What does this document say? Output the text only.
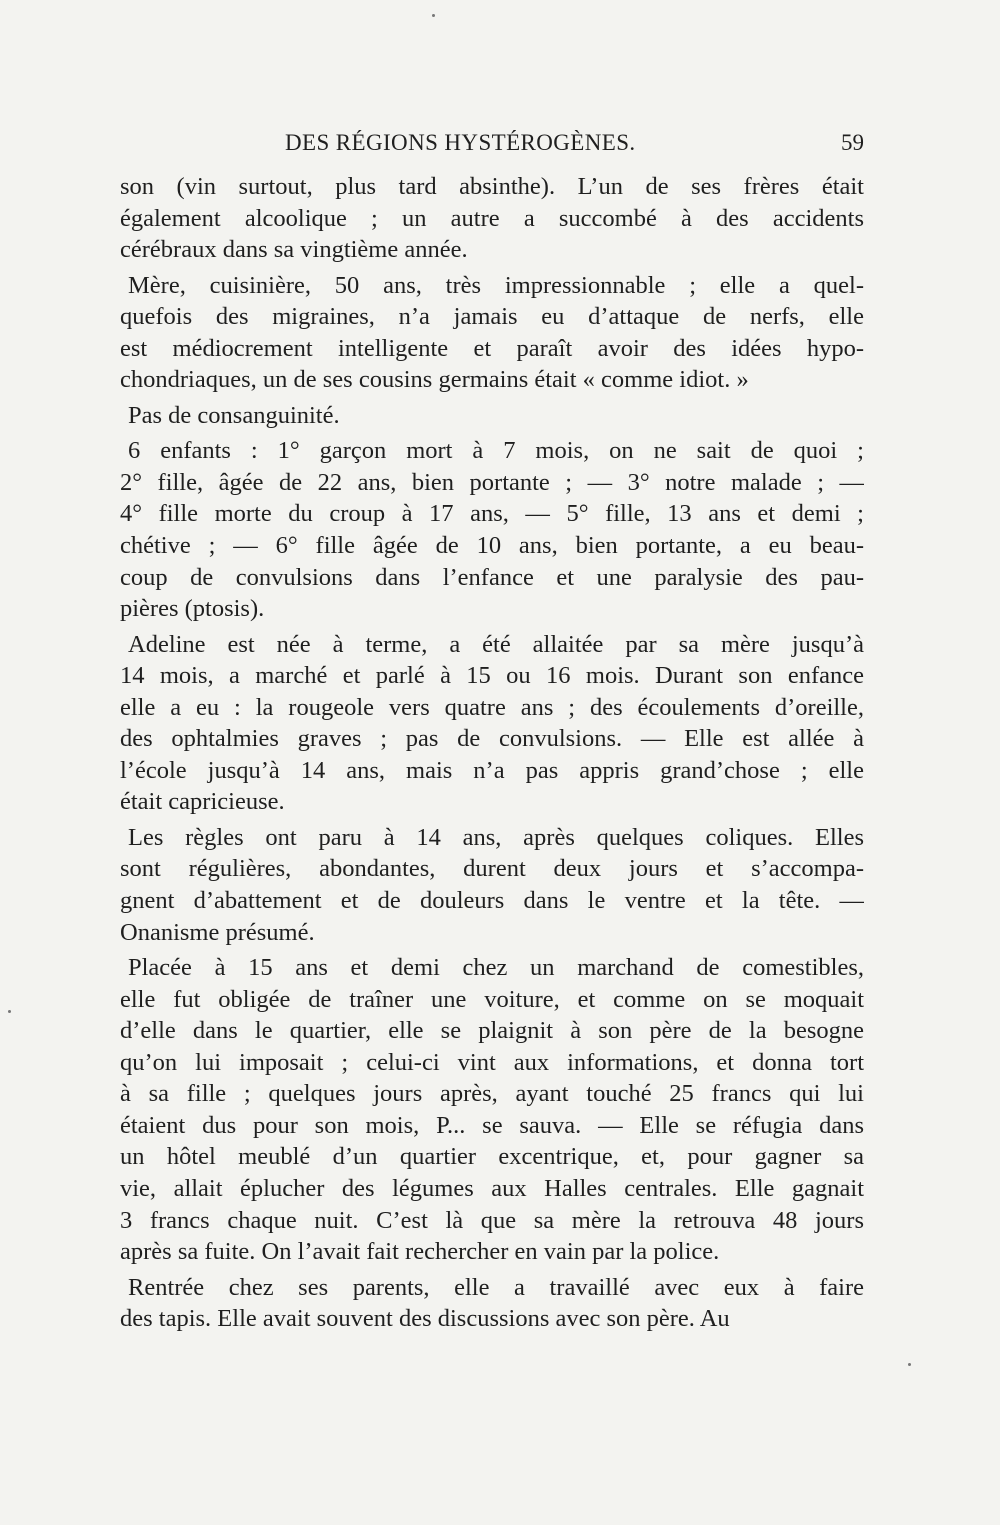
DES RÉGIONS HYSTÉROGÈNES.	59
son (vin surtout, plus tard absinthe). L’un de ses frères était
également alcoolique ; un autre a succombé à des accidents
cérébraux dans sa vingtième année.
Mère, cuisinière, 50 ans, très impressionnable ; elle a quel-
quefois des migraines, n’a jamais eu d’attaque de nerfs, elle
est médiocrement intelligente et paraît avoir des idées hypo-
chondriaques, un de ses cousins germains était « comme idiot. »
Pas de consanguinité.
6 enfants : 1° garçon mort à 7 mois, on ne sait de quoi ;
2° fille, âgée de 22 ans, bien portante ; — 3° notre malade ; —
4° fille morte du croup à 17 ans, — 5° fille, 13 ans et demi ;
chétive ; — 6° fille âgée de 10 ans, bien portante, a eu beau-
coup de convulsions dans l’enfance et une paralysie des pau-
pières (ptosis).
Adeline est née à terme, a été allaitée par sa mère jusqu’à
14 mois, a marché et parlé à 15 ou 16 mois. Durant son enfance
elle a eu : la rougeole vers quatre ans ; des écoulements d’oreille,
des ophtalmies graves ; pas de convulsions. — Elle est allée à
l’école jusqu’à 14 ans, mais n’a pas appris grand’chose ; elle
était capricieuse.
Les règles ont paru à 14 ans, après quelques coliques. Elles
sont régulières, abondantes, durent deux jours et s’accompa-
gnent d’abattement et de douleurs dans le ventre et la tête. —
Onanisme présumé.
Placée à 15 ans et demi chez un marchand de comestibles,
elle fut obligée de traîner une voiture, et comme on se moquait
d’elle dans le quartier, elle se plaignit à son père de la besogne
qu’on lui imposait ; celui-ci vint aux informations, et donna tort
à sa fille ; quelques jours après, ayant touché 25 francs qui lui
étaient dus pour son mois, P... se sauva. — Elle se réfugia dans
un hôtel meublé d’un quartier excentrique, et, pour gagner sa
vie, allait éplucher des légumes aux Halles centrales. Elle gagnait
3 francs chaque nuit. C’est là que sa mère la retrouva 48 jours
après sa fuite. On l’avait fait rechercher en vain par la police.
Rentrée chez ses parents, elle a travaillé avec eux à faire
des tapis. Elle avait souvent des discussions avec son père. Au
